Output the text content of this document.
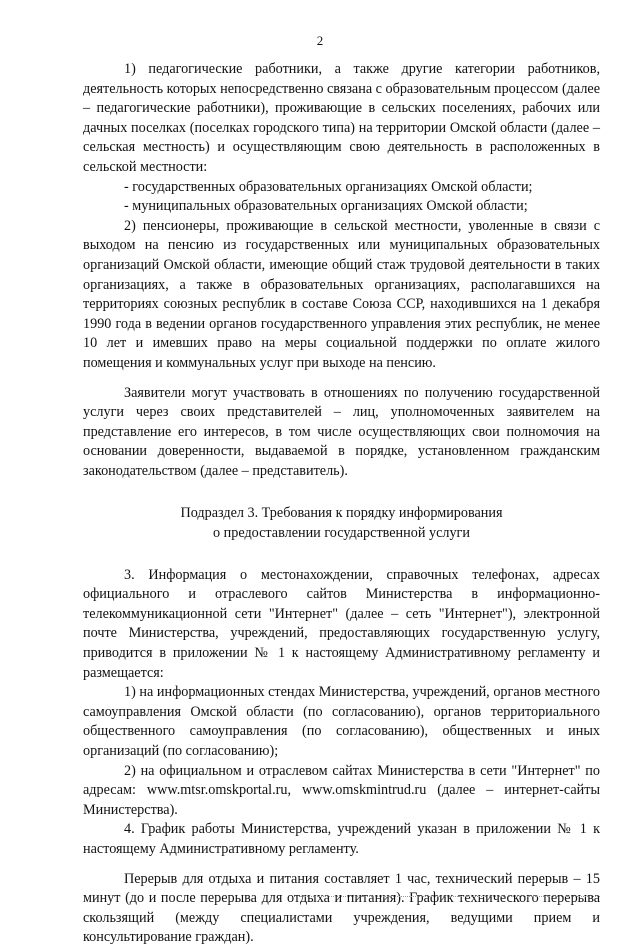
2

1) педагогические работники, а также другие категории работников, деятельность которых непосредственно связана с образовательным процессом (далее – педагогические работники), проживающие в сельских поселениях, рабочих или дачных поселках (поселках городского типа) на территории Омской области (далее – сельская местность) и осуществляющим свою деятельность в расположенных в сельской местности:

- государственных образовательных организациях Омской области;

- муниципальных образовательных организациях Омской области;

2) пенсионеры, проживающие в сельской местности, уволенные в связи с выходом на пенсию из государственных или муниципальных образовательных организаций Омской области, имеющие общий стаж трудовой деятельности в таких организациях, а также в образовательных организациях, располагавшихся на территориях союзных республик в составе Союза ССР, находившихся на 1 декабря 1990 года в ведении органов государственного управления этих республик, не менее 10 лет и имевших право на меры социальной поддержки по оплате жилого помещения и коммунальных услуг при выходе на пенсию.

Заявители могут участвовать в отношениях по получению государственной услуги через своих представителей – лиц, уполномоченных заявителем на представление его интересов, в том числе осуществляющих свои полномочия на основании доверенности, выдаваемой в порядке, установленном гражданским законодательством (далее – представитель).

Подраздел 3. Требования к порядку информирования
о предоставлении государственной услуги

3. Информация о местонахождении, справочных телефонах, адресах официального и отраслевого сайтов Министерства в информационно-телекоммуникационной сети "Интернет" (далее – сеть "Интернет"), электронной почте Министерства, учреждений, предоставляющих государственную услугу, приводится в приложении № 1 к настоящему Административному регламенту и размещается:

1) на информационных стендах Министерства, учреждений, органов местного самоуправления Омской области (по согласованию), органов территориального общественного самоуправления (по согласованию), общественных и иных организаций (по согласованию);

2) на официальном и отраслевом сайтах Министерства в сети "Интернет" по адресам: www.mtsr.omskportal.ru, www.omskmintrud.ru (далее – интернет-сайты Министерства).

4. График работы Министерства, учреждений указан в приложении № 1 к настоящему Административному регламенту.

Перерыв для отдыха и питания составляет 1 час, технический перерыв – 15 минут (до и после перерыва для отдыха и питания). График технического перерыва скользящий (между специалистами учреждения, ведущими прием и консультирование граждан).
